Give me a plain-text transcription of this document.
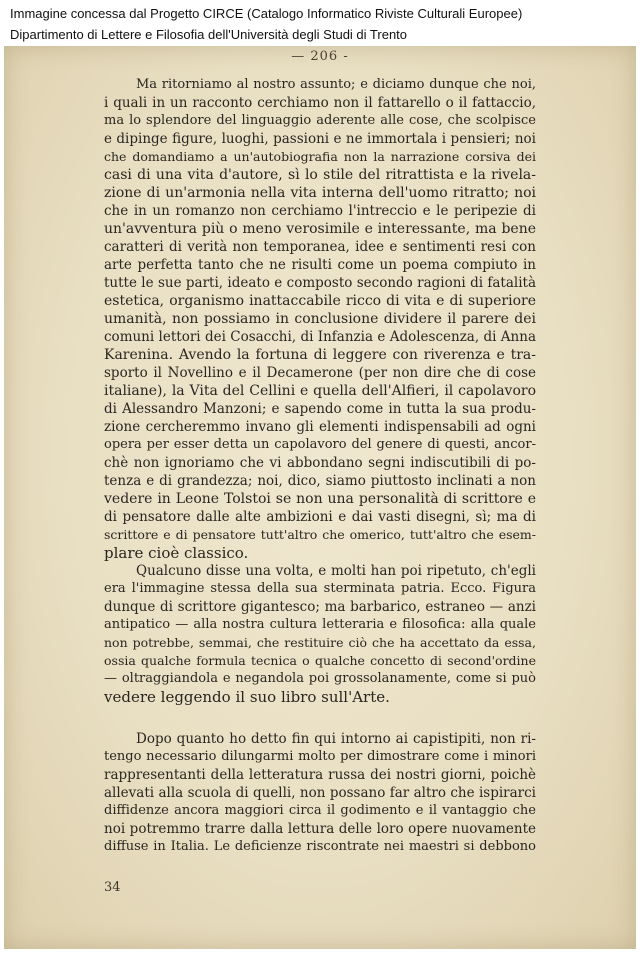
Immagine concessa dal Progetto CIRCE (Catalogo Informatico Riviste Culturali Europee)
Dipartimento di Lettere e Filosofia dell'Università degli Studi di Trento
— 206 -
Ma ritorniamo al nostro assunto; e diciamo dunque che noi,
i quali in un racconto cerchiamo non il fattarello o il fattaccio,
ma lo splendore del linguaggio aderente alle cose, che scolpisce
e dipinge figure, luoghi, passioni e ne immortala i pensieri; noi
che domandiamo a un'autobiografia non la narrazione corsiva dei
casi di una vita d'autore, sì lo stile del ritrattista e la rivela-
zione di un'armonia nella vita interna dell'uomo ritratto; noi
che in un romanzo non cerchiamo l'intreccio e le peripezie di
un'avventura più o meno verosimile e interessante, ma bene
caratteri di verità non temporanea, idee e sentimenti resi con
arte perfetta tanto che ne risulti come un poema compiuto in
tutte le sue parti, ideato e composto secondo ragioni di fatalità
estetica, organismo inattaccabile ricco di vita e di superiore
umanità, non possiamo in conclusione dividere il parere dei
comuni lettori dei Cosacchi, di Infanzia e Adolescenza, di Anna
Karenina. Avendo la fortuna di leggere con riverenza e tra-
sporto il Novellino e il Decamerone (per non dire che di cose
italiane), la Vita del Cellini e quella dell'Alfieri, il capolavoro
di Alessandro Manzoni; e sapendo come in tutta la sua produ-
zione cercheremmo invano gli elementi indispensabili ad ogni
opera per esser detta un capolavoro del genere di questi, ancor-
chè non ignoriamo che vi abbondano segni indiscutibili di po-
tenza e di grandezza; noi, dico, siamo piuttosto inclinati a non
vedere in Leone Tolstoi se non una personalità di scrittore e
di pensatore dalle alte ambizioni e dai vasti disegni, sì; ma di
scrittore e di pensatore tutt'altro che omerico, tutt'altro che esem-
plare cioè classico.
Qualcuno disse una volta, e molti han poi ripetuto, ch'egli
era l'immagine stessa della sua sterminata patria. Ecco. Figura
dunque di scrittore gigantesco; ma barbarico, estraneo — anzi
antipatico — alla nostra cultura letteraria e filosofica: alla quale
non potrebbe, semmai, che restituire ciò che ha accettato da essa,
ossia qualche formula tecnica o qualche concetto di second'ordine
— oltraggiandola e negandola poi grossolanamente, come si può
vedere leggendo il suo libro sull'Arte.
Dopo quanto ho detto fin qui intorno ai capistipiti, non ri-
tengo necessario dilungarmi molto per dimostrare come i minori
rappresentanti della letteratura russa dei nostri giorni, poichè
allevati alla scuola di quelli, non possano far altro che ispirarci
diffidenze ancora maggiori circa il godimento e il vantaggio che
noi potremmo trarre dalla lettura delle loro opere nuovamente
diffuse in Italia. Le deficienze riscontrate nei maestri si debbono
34
